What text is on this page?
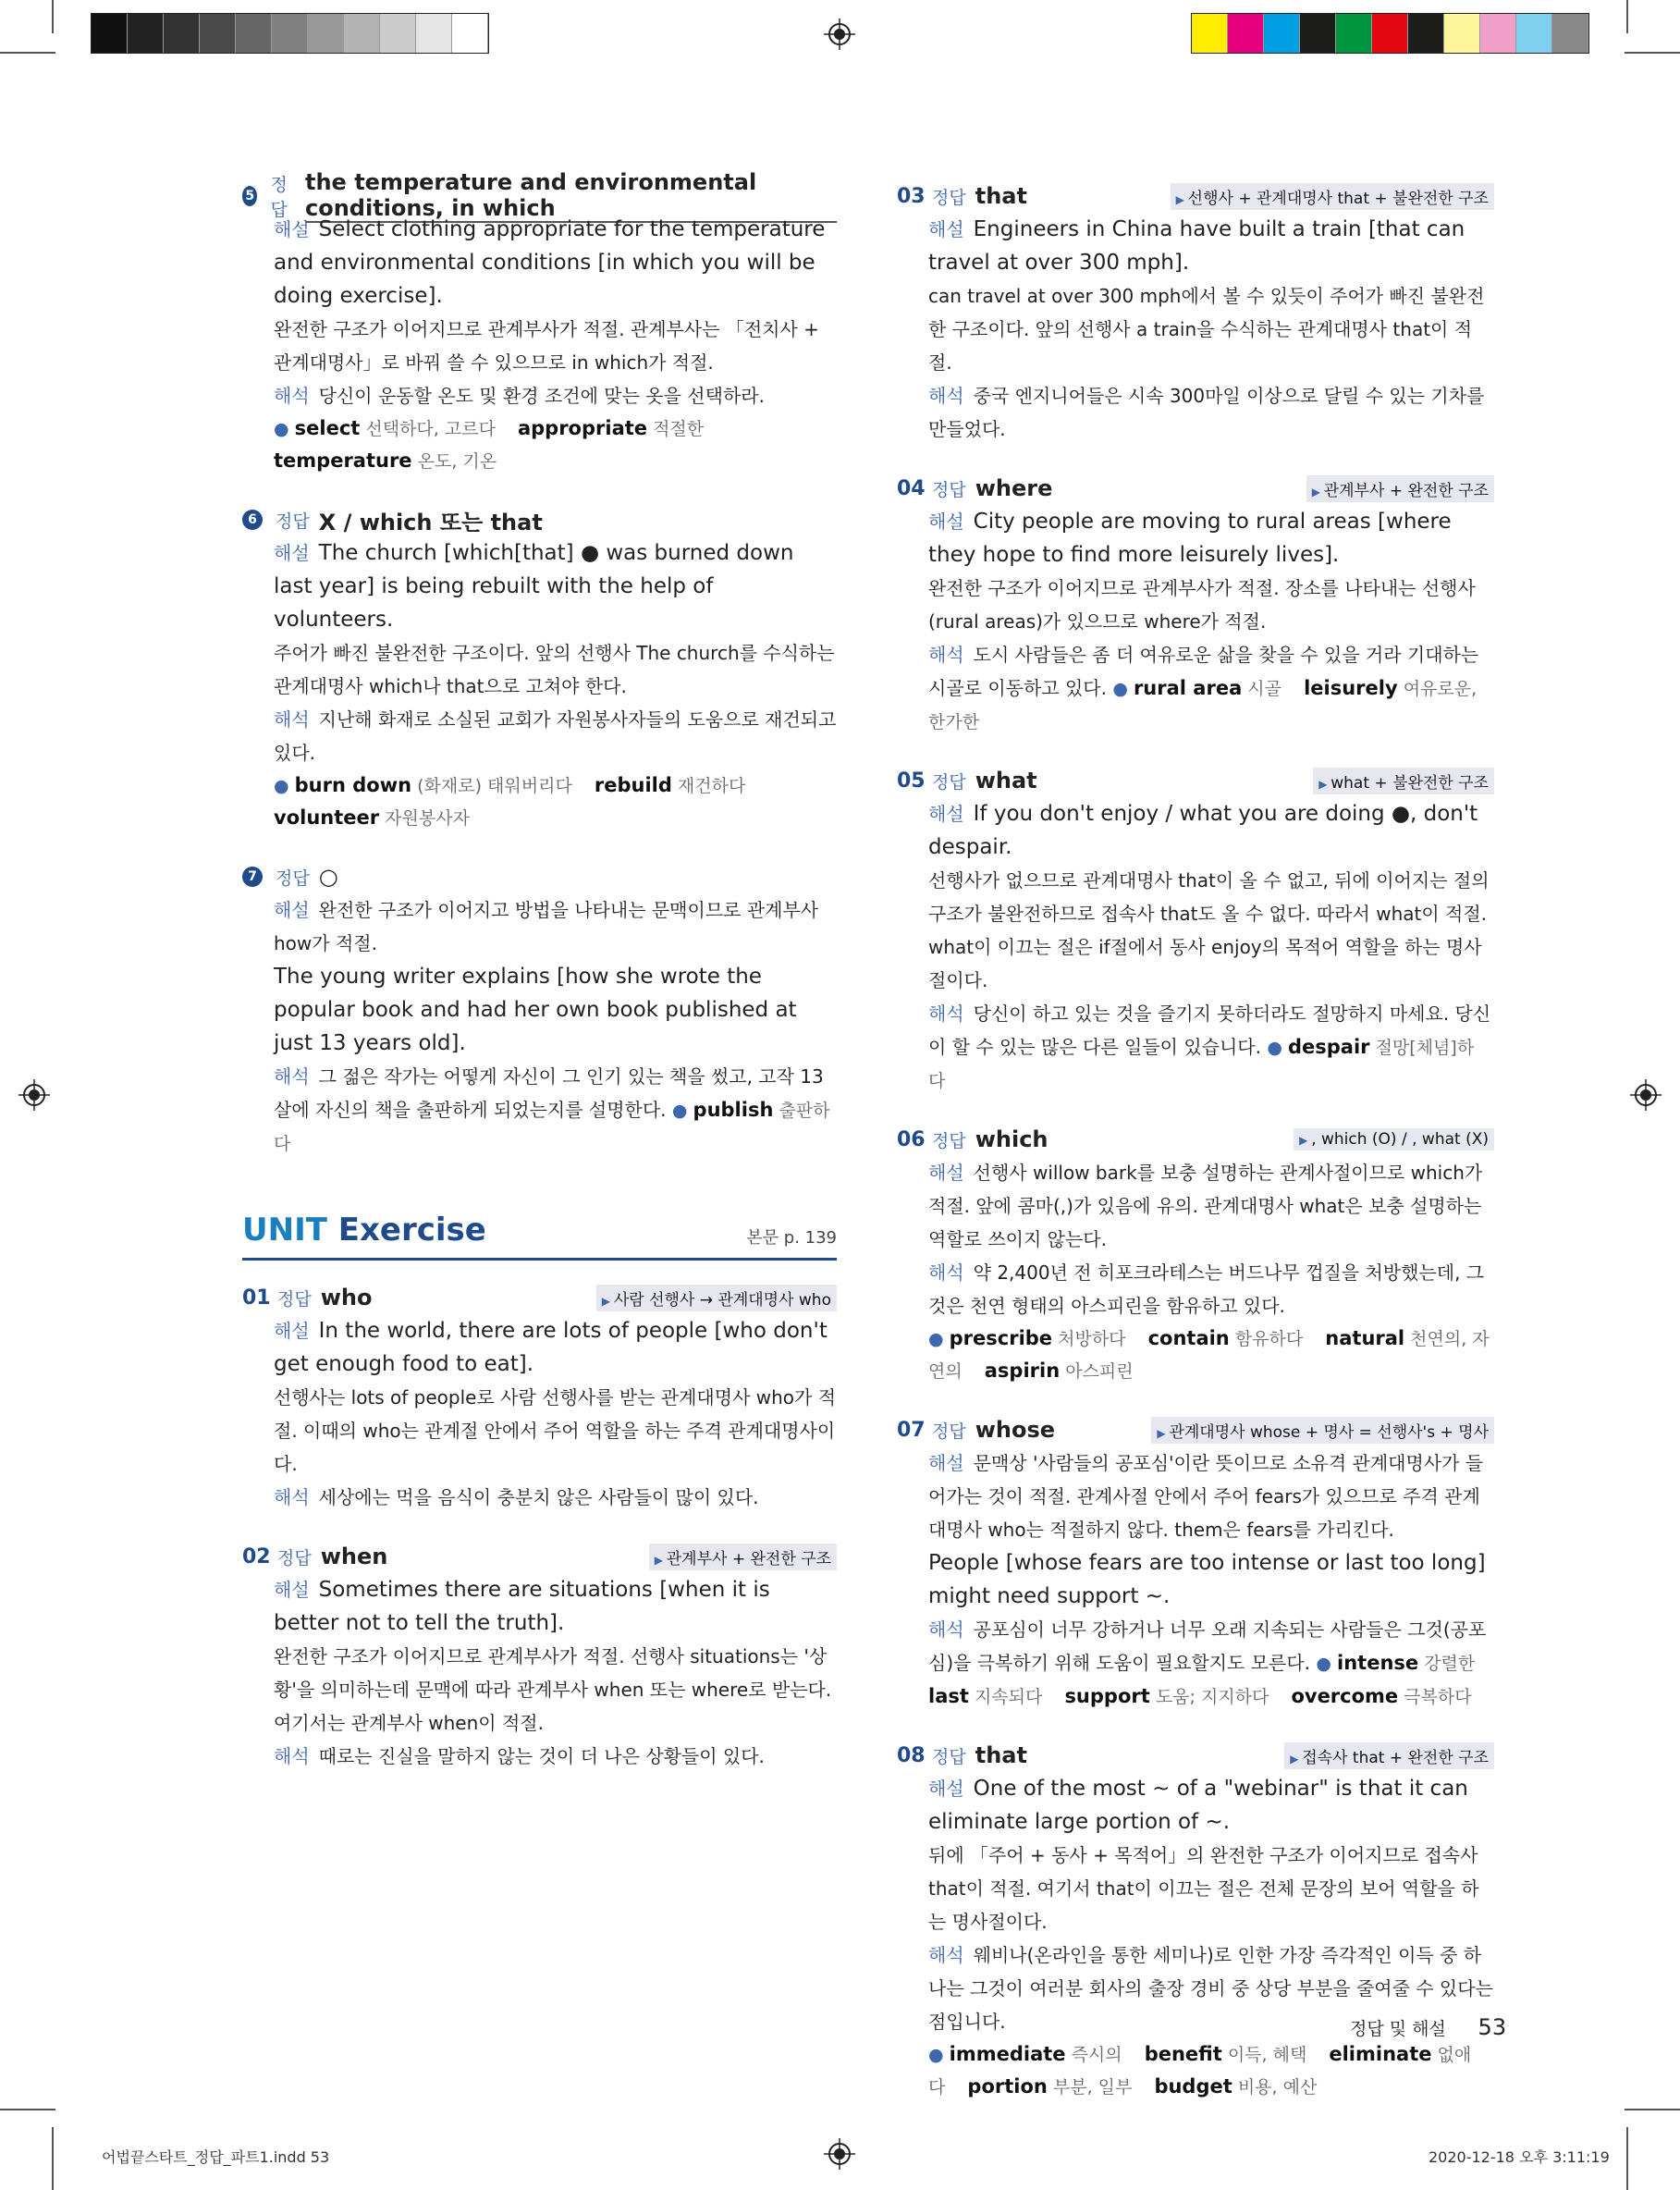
5
정답
the temperature and environmental conditions, in which
해설 Select clothing appropriate for the temperature and environmental conditions [in which you will be doing exercise].
완전한 구조가 이어지므로 관계부사가 적절. 관계부사는 「전치사 + 관계대명사」로 바꿔 쓸 수 있으므로 in which가 적절.
해석 당신이 운동할 온도 및 환경 조건에 맞는 옷을 선택하라.
● select 선택하다, 고르다 appropriate 적절한 temperature 온도, 기온
6	정답 X / which 또는 that
해설 The church [which[that] ● was burned down last year] is being rebuilt with the help of volunteers.
주어가 빠진 불완전한 구조이다. 앞의 선행사 The church를 수식하는 관계대명사 which나 that으로 고쳐야 한다.
해석 지난해 화재로 소실된 교회가 자원봉사자들의 도움으로 재건되고 있다.
● burn down (화재로) 태워버리다 rebuild 재건하다 volunteer 자원봉사자
7	정답 ○
해설 완전한 구조가 이어지고 방법을 나타내는 문맥이므로 관계부사 how가 적절.
The young writer explains [how she wrote the popular book and had her own book published at just 13 years old].
해석 그 젊은 작가는 어떻게 자신이 그 인기 있는 책을 썼고, 고작 13살에 자신의 책을 출판하게 되었는지를 설명한다. ● publish 출판하다
UNIT Exercise	본문 p. 139
01 정답 who	▶ 사람 선행사 → 관계대명사 who
해설 In the world, there are lots of people [who don't get enough food to eat].
선행사는 lots of people로 사람 선행사를 받는 관계대명사 who가 적절. 이때의 who는 관계절 안에서 주어 역할을 하는 주격 관계대명사이다.
해석 세상에는 먹을 음식이 충분치 않은 사람들이 많이 있다.
02 정답 when	▶ 관계부사 + 완전한 구조
해설 Sometimes there are situations [when it is better not to tell the truth].
완전한 구조가 이어지므로 관계부사가 적절. 선행사 situations는 '상황'을 의미하는데 문맥에 따라 관계부사 when 또는 where로 받는다. 여기서는 관계부사 when이 적절.
해석 때로는 진실을 말하지 않는 것이 더 나은 상황들이 있다.
03 정답 that	▶ 선행사 + 관계대명사 that + 불완전한 구조
해설 Engineers in China have built a train [that can travel at over 300 mph].
can travel at over 300 mph에서 볼 수 있듯이 주어가 빠진 불완전한 구조이다. 앞의 선행사 a train을 수식하는 관계대명사 that이 적절.
해석 중국 엔지니어들은 시속 300마일 이상으로 달릴 수 있는 기차를 만들었다.
04 정답 where	▶ 관계부사 + 완전한 구조
해설 City people are moving to rural areas [where they hope to find more leisurely lives].
완전한 구조가 이어지므로 관계부사가 적절. 장소를 나타내는 선행사(rural areas)가 있으므로 where가 적절.
해석 도시 사람들은 좀 더 여유로운 삶을 찾을 수 있을 거라 기대하는 시골로 이동하고 있다. ● rural area 시골 leisurely 여유로운, 한가한
05 정답 what	▶ what + 불완전한 구조
해설 If you don't enjoy / what you are doing ●, don't despair.
선행사가 없으므로 관계대명사 that이 올 수 없고, 뒤에 이어지는 절의 구조가 불완전하므로 접속사 that도 올 수 없다. 따라서 what이 적절. what이 이끄는 절은 if절에서 동사 enjoy의 목적어 역할을 하는 명사절이다.
해석 당신이 하고 있는 것을 즐기지 못하더라도 절망하지 마세요. 당신이 할 수 있는 많은 다른 일들이 있습니다. ● despair 절망[체념]하다
06 정답 which	▶ , which (O) / , what (X)
해설 선행사 willow bark를 보충 설명하는 관계사절이므로 which가 적절. 앞에 콤마(,)가 있음에 유의. 관계대명사 what은 보충 설명하는 역할로 쓰이지 않는다.
해석 약 2,400년 전 히포크라테스는 버드나무 껍질을 처방했는데, 그것은 천연 형태의 아스피린을 함유하고 있다.
● prescribe 처방하다 contain 함유하다 natural 천연의, 자연의 aspirin 아스피린
07 정답 whose	▶ 관계대명사 whose + 명사 = 선행사's + 명사
해설 문맥상 '사람들의 공포심'이란 뜻이므로 소유격 관계대명사가 들어가는 것이 적절. 관계사절 안에서 주어 fears가 있으므로 주격 관계대명사 who는 적절하지 않다. them은 fears를 가리킨다.
People [whose fears are too intense or last too long] might need support ~.
해석 공포심이 너무 강하거나 너무 오래 지속되는 사람들은 그것(공포심)을 극복하기 위해 도움이 필요할지도 모른다. ● intense 강렬한 last 지속되다 support 도움; 지지하다 overcome 극복하다
08 정답 that	▶ 접속사 that + 완전한 구조
해설 One of the most ~ of a "webinar" is that it can eliminate large portion of ~.
뒤에 「주어 + 동사 + 목적어」의 완전한 구조가 이어지므로 접속사 that이 적절. 여기서 that이 이끄는 절은 전체 문장의 보어 역할을 하는 명사절이다.
해석 웨비나(온라인을 통한 세미나)로 인한 가장 즉각적인 이득 중 하나는 그것이 여러분 회사의 출장 경비 중 상당 부분을 줄여줄 수 있다는 점입니다.
● immediate 즉시의 benefit 이득, 혜택 eliminate 없애다 portion 부분, 일부 budget 비용, 예산
정답 및 해설 53
어법끝스타트_정답_파트1.indd 53	2020-12-18 오후 3:11:19
